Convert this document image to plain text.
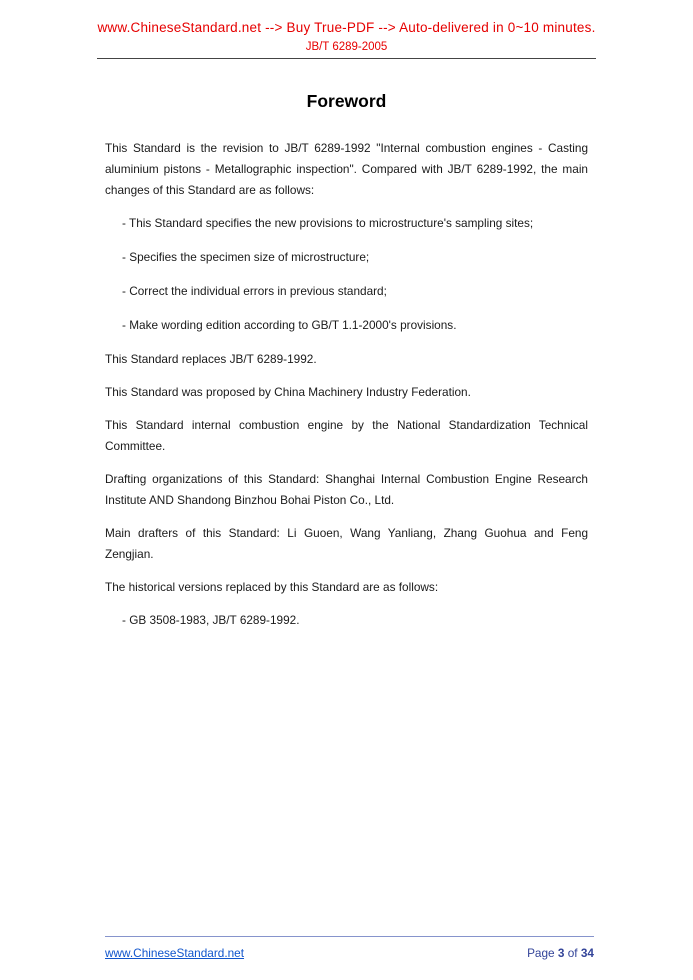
www.ChineseStandard.net --> Buy True-PDF --> Auto-delivered in 0~10 minutes.
JB/T 6289-2005
Foreword

This Standard is the revision to JB/T 6289-1992 "Internal combustion engines - Casting aluminium pistons - Metallographic inspection". Compared with JB/T 6289-1992, the main changes of this Standard are as follows:

- This Standard specifies the new provisions to microstructure's sampling sites;

- Specifies the specimen size of microstructure;

- Correct the individual errors in previous standard;

- Make wording edition according to GB/T 1.1-2000's provisions.

This Standard replaces JB/T 6289-1992.

This Standard was proposed by China Machinery Industry Federation.

This Standard internal combustion engine by the National Standardization Technical Committee.

Drafting organizations of this Standard: Shanghai Internal Combustion Engine Research Institute AND Shandong Binzhou Bohai Piston Co., Ltd.

Main drafters of this Standard: Li Guoen, Wang Yanliang, Zhang Guohua and Feng Zengjian.

The historical versions replaced by this Standard are as follows:

- GB 3508-1983, JB/T 6289-1992.

www.ChineseStandard.net	Page 3 of 34
